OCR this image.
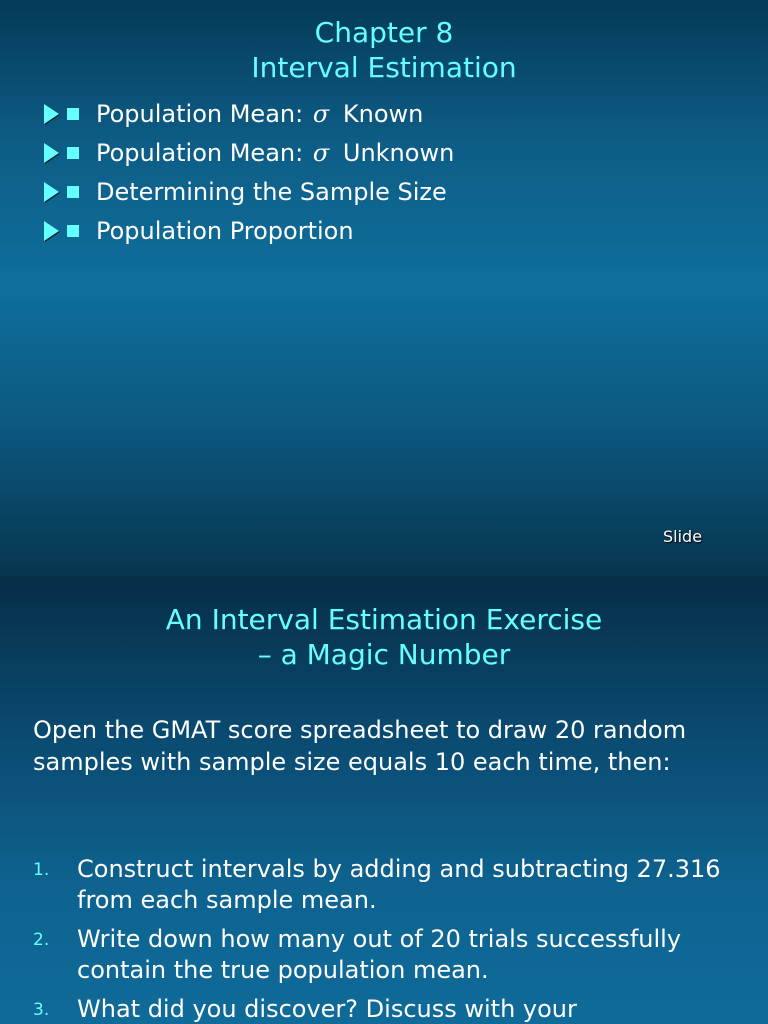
Chapter 8
Interval Estimation
Population Mean: σ Known
Population Mean: σ Unknown
Determining the Sample Size
Population Proportion
Slide
An Interval Estimation Exercise
– a Magic Number
Open the GMAT score spreadsheet to draw 20 random samples with sample size equals 10 each time, then:
1. Construct intervals by adding and subtracting 27.316 from each sample mean.
2. Write down how many out of 20 trials successfully contain the true population mean.
3. What did you discover? Discuss with your
